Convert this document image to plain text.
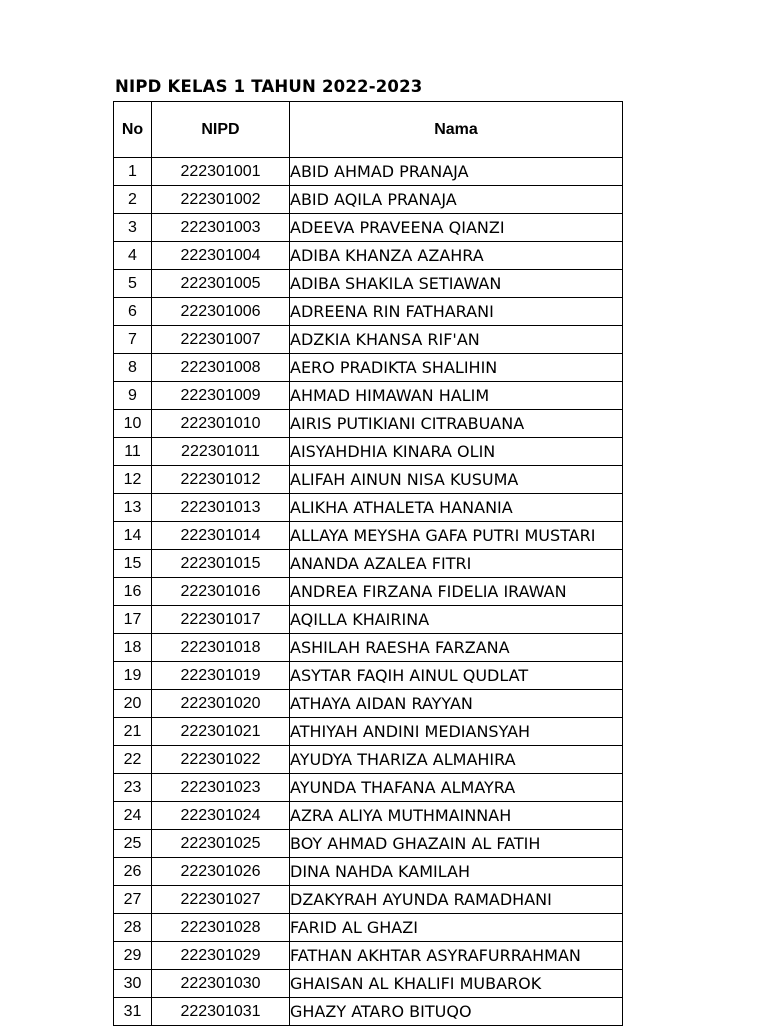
NIPD KELAS 1 TAHUN 2022-2023
No	NIPD	Nama
1	222301001	ABID AHMAD PRANAJA
2	222301002	ABID AQILA PRANAJA
3	222301003	ADEEVA PRAVEENA QIANZI
4	222301004	ADIBA KHANZA AZAHRA
5	222301005	ADIBA SHAKILA SETIAWAN
6	222301006	ADREENA RIN FATHARANI
7	222301007	ADZKIA KHANSA RIF'AN
8	222301008	AERO PRADIKTA SHALIHIN
9	222301009	AHMAD HIMAWAN HALIM
10	222301010	AIRIS PUTIKIANI CITRABUANA
11	222301011	AISYAHDHIA KINARA OLIN
12	222301012	ALIFAH AINUN NISA KUSUMA
13	222301013	ALIKHA ATHALETA HANANIA
14	222301014	ALLAYA MEYSHA GAFA PUTRI MUSTARI
15	222301015	ANANDA AZALEA FITRI
16	222301016	ANDREA FIRZANA FIDELIA IRAWAN
17	222301017	AQILLA KHAIRINA
18	222301018	ASHILAH RAESHA FARZANA
19	222301019	ASYTAR FAQIH AINUL QUDLAT
20	222301020	ATHAYA AIDAN RAYYAN
21	222301021	ATHIYAH ANDINI MEDIANSYAH
22	222301022	AYUDYA THARIZA ALMAHIRA
23	222301023	AYUNDA THAFANA ALMAYRA
24	222301024	AZRA ALIYA MUTHMAINNAH
25	222301025	BOY AHMAD GHAZAIN AL FATIH
26	222301026	DINA NAHDA KAMILAH
27	222301027	DZAKYRAH AYUNDA RAMADHANI
28	222301028	FARID AL GHAZI
29	222301029	FATHAN AKHTAR ASYRAFURRAHMAN
30	222301030	GHAISAN AL KHALIFI MUBAROK
31	222301031	GHAZY ATARO BITUQO
